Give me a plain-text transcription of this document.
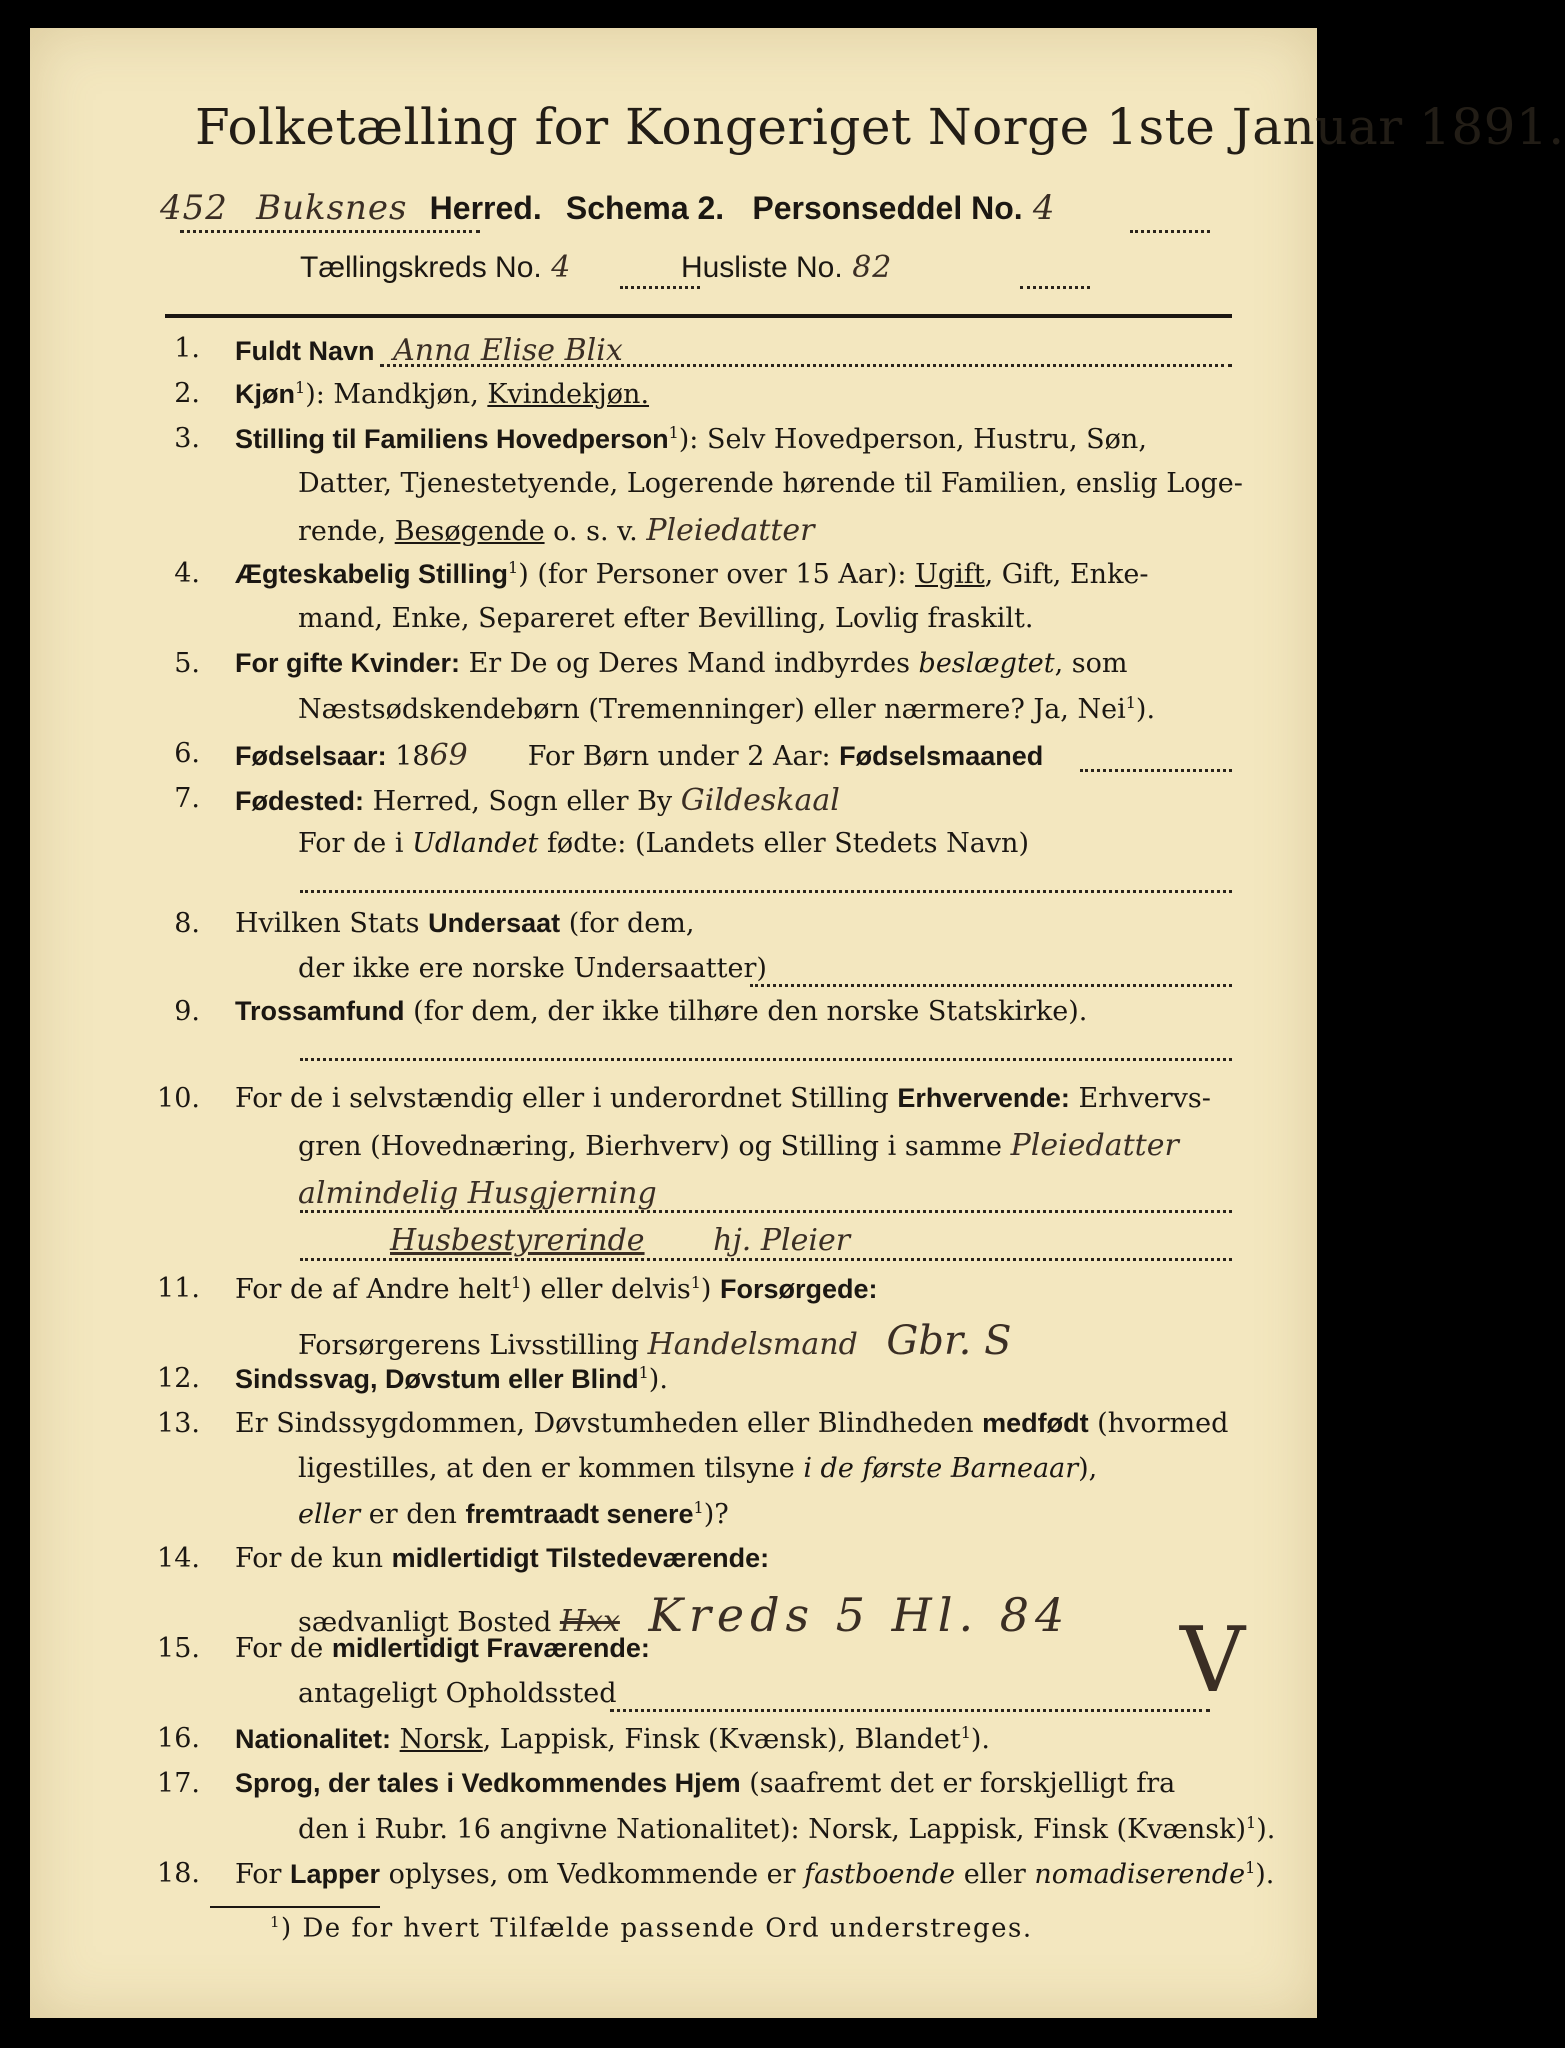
Folketælling for Kongeriget Norge 1ste Januar 1891.
452 Buksnes Herred. Schema 2. Personseddel No. 4
Tællingskreds No. 4	Husliste No. 82
1. Fuldt Navn Anna Elise Blix
2. Kjøn$^1$): Mandkjøn, Kvindekjøn.
3. Stilling til Familiens Hovedperson$^1$): Selv Hovedperson, Hustru, Søn,
Datter, Tjenestetyende, Logerende hørende til Familien, enslig Loge-
rende, Besøgende o. s. v. Pleiedatter
4. Ægteskabelig Stilling$^1$) (for Personer over 15 Aar): Ugift, Gift, Enke-
mand, Enke, Separeret efter Bevilling, Lovlig fraskilt.
5. For gifte Kvinder: Er De og Deres Mand indbyrdes beslægtet, som
Næstsødskendebørn (Tremenninger) eller nærmere? Ja, Nei$^1$).
6. Fødselsaar: 1869 For Børn under 2 Aar: Fødselsmaaned
7. Fødested: Herred, Sogn eller By Gildeskaal
For de i Udlandet fødte: (Landets eller Stedets Navn)
8. Hvilken Stats Undersaat (for dem,
der ikke ere norske Undersaatter)
9. Trossamfund (for dem, der ikke tilhøre den norske Statskirke).
10. For de i selvstændig eller i underordnet Stilling Erhvervende: Erhvervs-
gren (Hovednæring, Bierhverv) og Stilling i samme Pleiedatter
almindelig Husgjerning
Husbestyrerinde hj. Pleier
11. For de af Andre helt$^1$) eller delvis$^1$) Forsørgede:
Forsørgerens Livsstilling Handelsmand Gbr. S
12. Sindssvag, Døvstum eller Blind$^1$).
13. Er Sindssygdommen, Døvstumheden eller Blindheden medfødt (hvormed
ligestilles, at den er kommen tilsyne i de første Barneaar),
eller er den fremtraadt senere$^1$)?
14. For de kun midlertidigt Tilstedeværende:
sædvanligt Bosted Hxx Kreds 5 Hl. 84
15. For de midlertidigt Fraværende:
antageligt Opholdssted	V
16. Nationalitet: Norsk, Lappisk, Finsk (Kvænsk), Blandet$^1$).
17. Sprog, der tales i Vedkommendes Hjem (saafremt det er forskjelligt fra
den i Rubr. 16 angivne Nationalitet): Norsk, Lappisk, Finsk (Kvænsk)$^1$).
18. For Lapper oplyses, om Vedkommende er fastboende eller nomadiserende$^1$).
$^1$) De for hvert Tilfælde passende Ord understreges.
